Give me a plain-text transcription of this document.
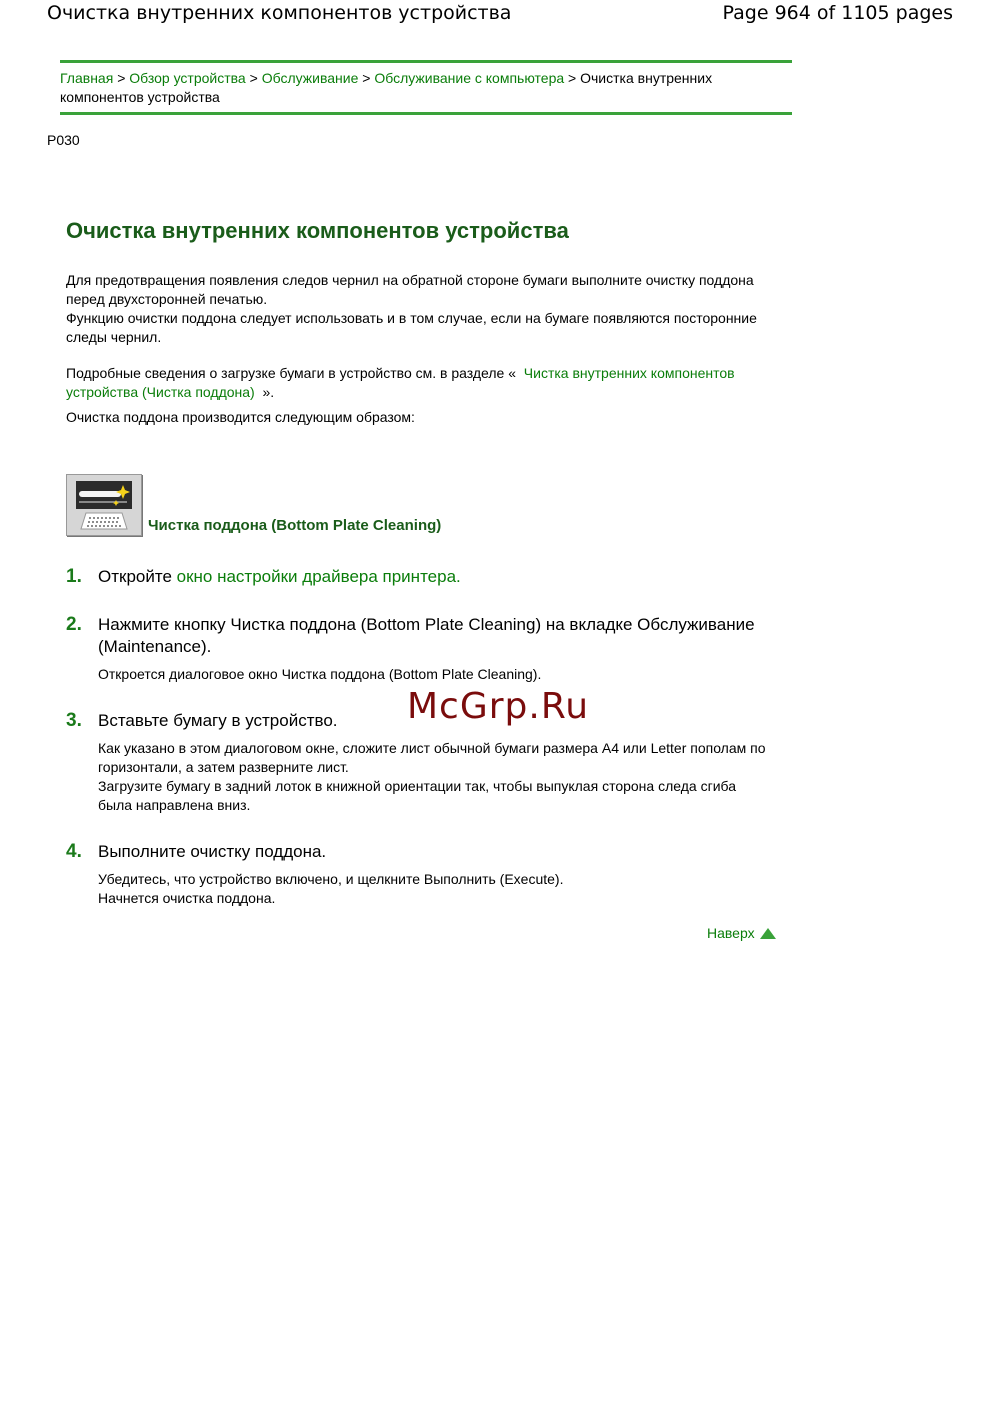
Очистка внутренних компонентов устройства	Page 964 of 1105 pages
Главная > Обзор устройства > Обслуживание > Обслуживание с компьютера > Очистка внутренних компонентов устройства
P030
Очистка внутренних компонентов устройства

Для предотвращения появления следов чернил на обратной стороне бумаги выполните очистку поддона перед двухсторонней печатью.

Функцию очистки поддона следует использовать и в том случае, если на бумаге появляются посторонние следы чернил.

Подробные сведения о загрузке бумаги в устройство см. в разделе « Чистка внутренних компонентов устройства (Чистка поддона) ».

Очистка поддона производится следующим образом:

Чистка поддона (Bottom Plate Cleaning)
1. Откройте окно настройки драйвера принтера.
2. Нажмите кнопку Чистка поддона (Bottom Plate Cleaning) на вкладке Обслуживание (Maintenance).

Откроется диалоговое окно Чистка поддона (Bottom Plate Cleaning).

3. Вставьте бумагу в устройство.

Как указано в этом диалоговом окне, сложите лист обычной бумаги размера A4 или Letter пополам по горизонтали, а затем разверните лист.

Загрузите бумагу в задний лоток в книжной ориентации так, чтобы выпуклая сторона следа сгиба была направлена вниз.

4. Выполните очистку поддона.

Убедитесь, что устройство включено, и щелкните Выполнить (Execute).

Начнется очистка поддона.

McGrp.Ru
Наверх
